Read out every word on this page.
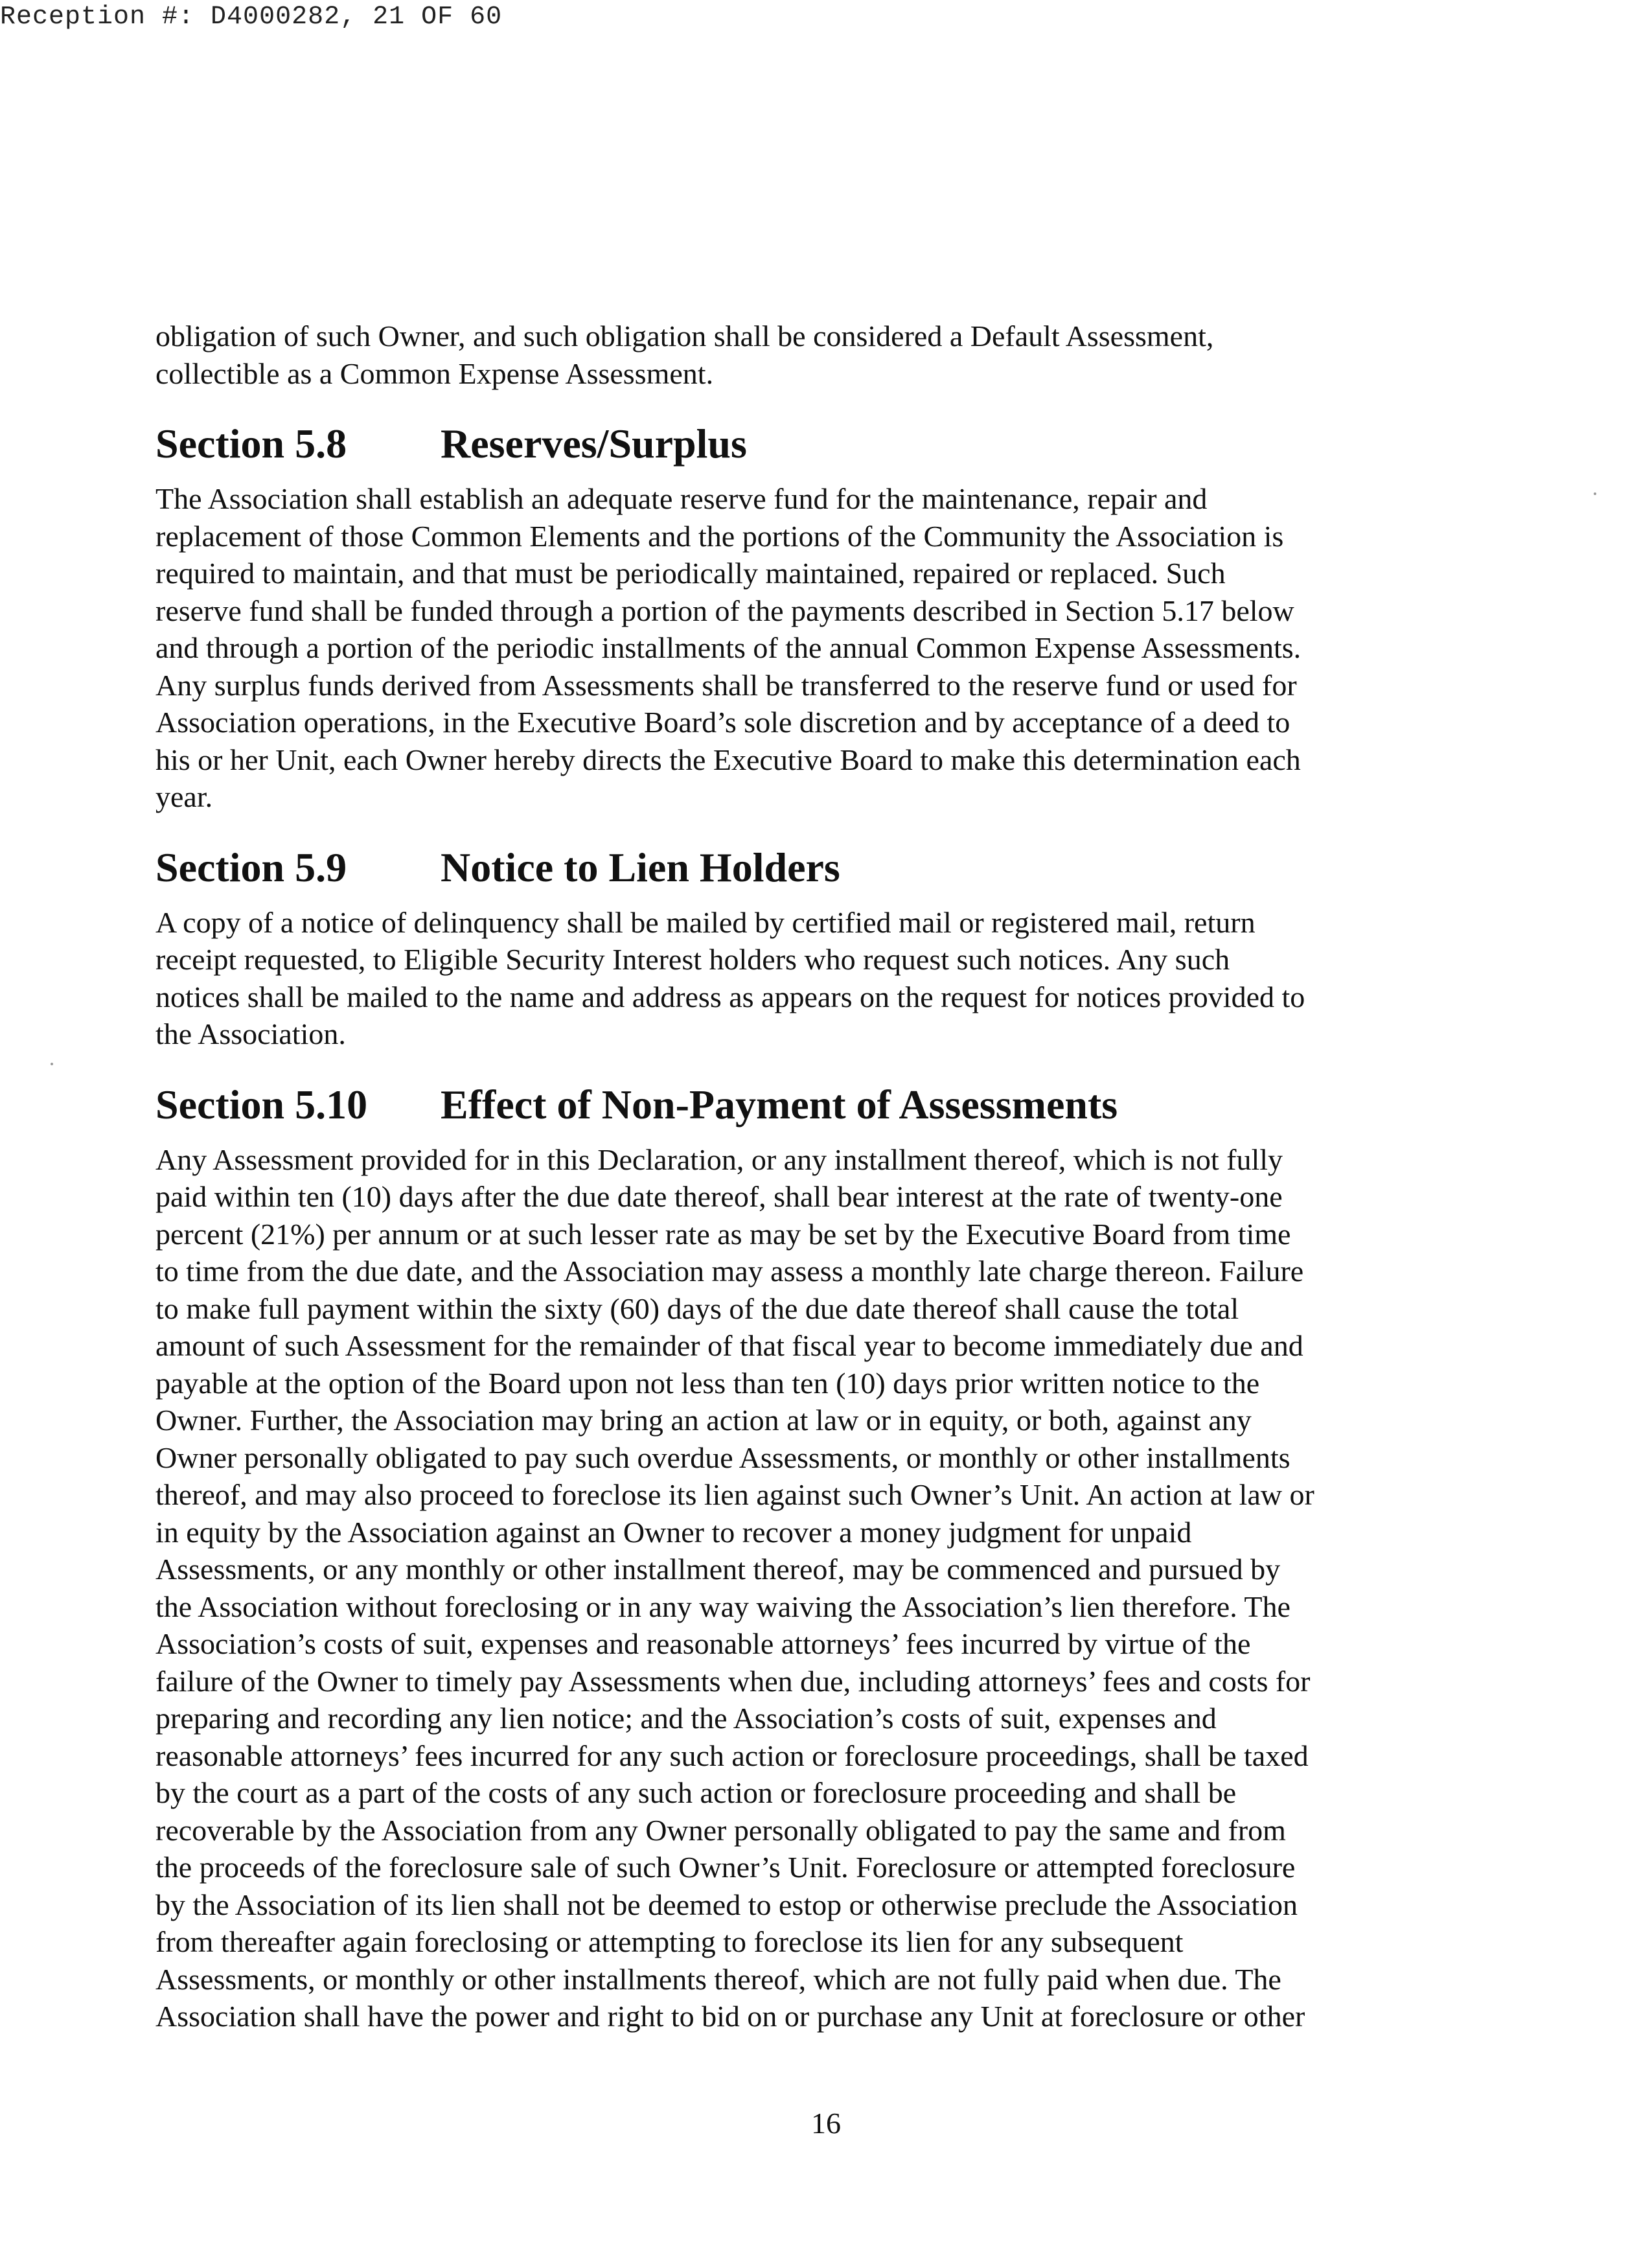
Reception #: D4000282, 21 OF 60

obligation of such Owner, and such obligation shall be considered a Default Assessment,
collectible as a Common Expense Assessment.

Section 5.8 Reserves/Surplus

The Association shall establish an adequate reserve fund for the maintenance, repair and
replacement of those Common Elements and the portions of the Community the Association is
required to maintain, and that must be periodically maintained, repaired or replaced. Such
reserve fund shall be funded through a portion of the payments described in Section 5.17 below
and through a portion of the periodic installments of the annual Common Expense Assessments.
Any surplus funds derived from Assessments shall be transferred to the reserve fund or used for
Association operations, in the Executive Board’s sole discretion and by acceptance of a deed to
his or her Unit, each Owner hereby directs the Executive Board to make this determination each
year.

Section 5.9 Notice to Lien Holders

A copy of a notice of delinquency shall be mailed by certified mail or registered mail, return
receipt requested, to Eligible Security Interest holders who request such notices. Any such
notices shall be mailed to the name and address as appears on the request for notices provided to
the Association.

Section 5.10 Effect of Non-Payment of Assessments

Any Assessment provided for in this Declaration, or any installment thereof, which is not fully
paid within ten (10) days after the due date thereof, shall bear interest at the rate of twenty-one
percent (21%) per annum or at such lesser rate as may be set by the Executive Board from time
to time from the due date, and the Association may assess a monthly late charge thereon. Failure
to make full payment within the sixty (60) days of the due date thereof shall cause the total
amount of such Assessment for the remainder of that fiscal year to become immediately due and
payable at the option of the Board upon not less than ten (10) days prior written notice to the
Owner. Further, the Association may bring an action at law or in equity, or both, against any
Owner personally obligated to pay such overdue Assessments, or monthly or other installments
thereof, and may also proceed to foreclose its lien against such Owner’s Unit. An action at law or
in equity by the Association against an Owner to recover a money judgment for unpaid
Assessments, or any monthly or other installment thereof, may be commenced and pursued by
the Association without foreclosing or in any way waiving the Association’s lien therefore. The
Association’s costs of suit, expenses and reasonable attorneys’ fees incurred by virtue of the
failure of the Owner to timely pay Assessments when due, including attorneys’ fees and costs for
preparing and recording any lien notice; and the Association’s costs of suit, expenses and
reasonable attorneys’ fees incurred for any such action or foreclosure proceedings, shall be taxed
by the court as a part of the costs of any such action or foreclosure proceeding and shall be
recoverable by the Association from any Owner personally obligated to pay the same and from
the proceeds of the foreclosure sale of such Owner’s Unit. Foreclosure or attempted foreclosure
by the Association of its lien shall not be deemed to estop or otherwise preclude the Association
from thereafter again foreclosing or attempting to foreclose its lien for any subsequent
Assessments, or monthly or other installments thereof, which are not fully paid when due. The
Association shall have the power and right to bid on or purchase any Unit at foreclosure or other

16
